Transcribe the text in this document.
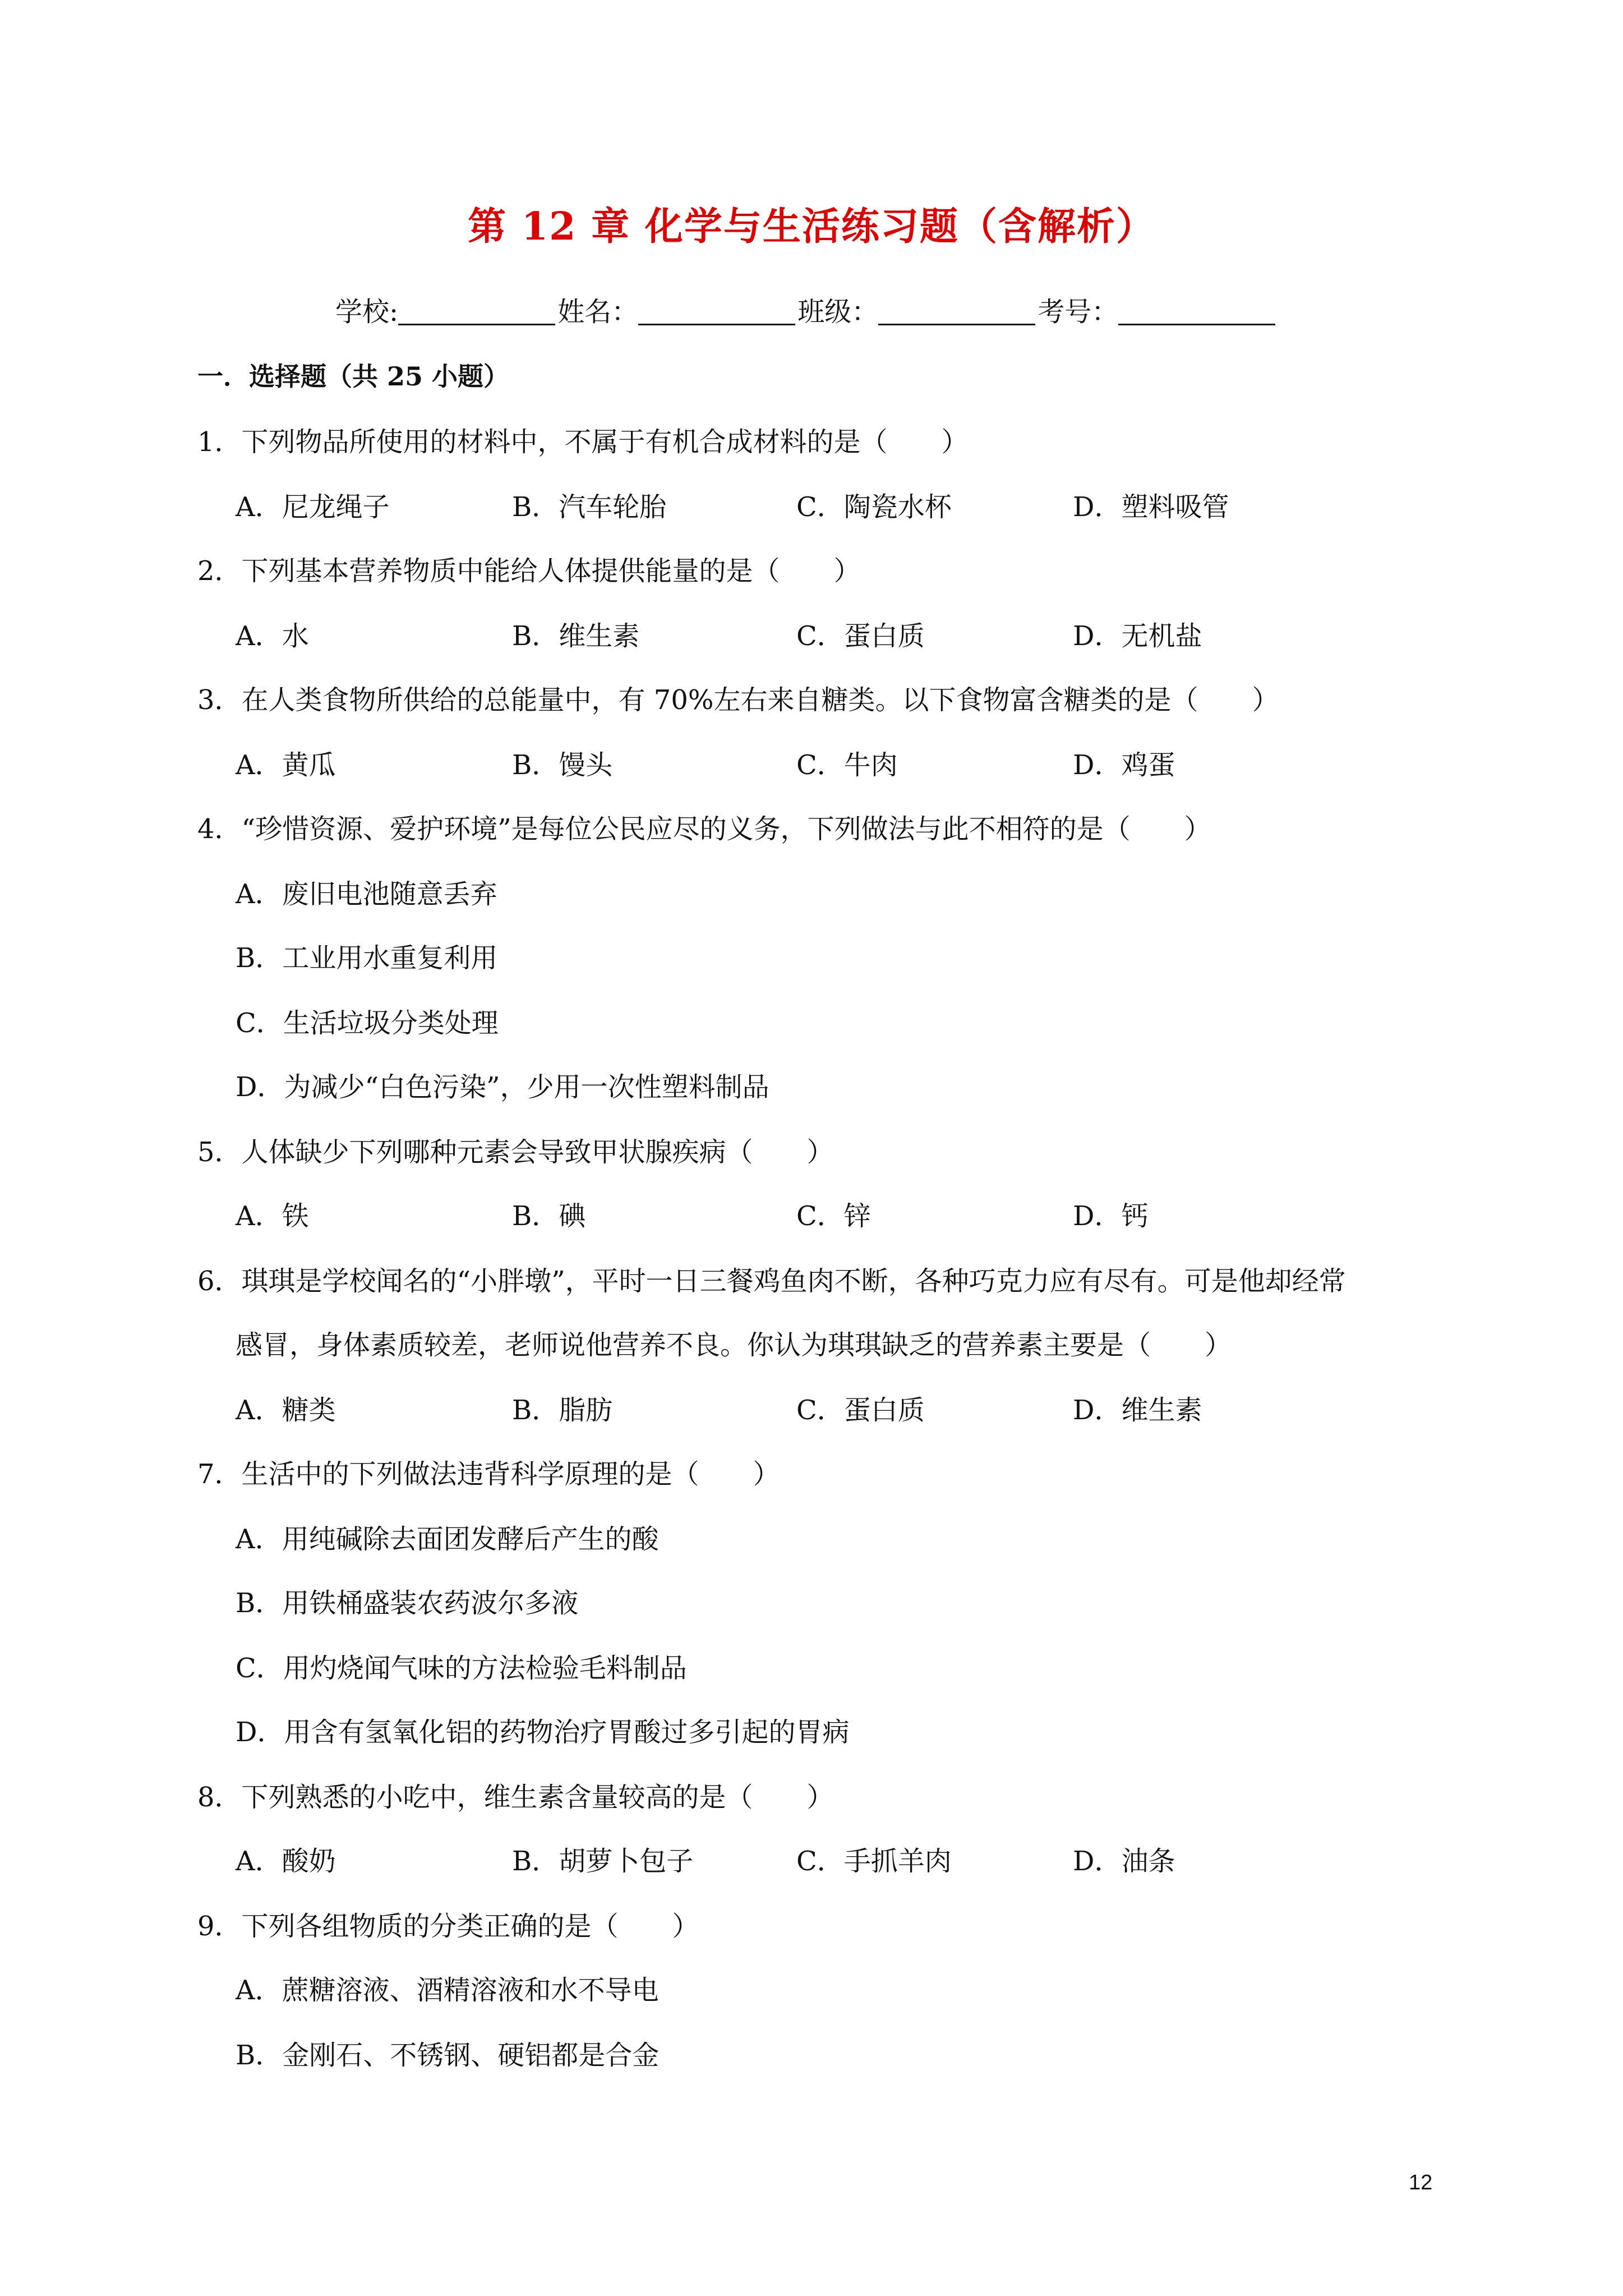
第 12 章 化学与生活练习题（含解析）
学校:	姓名：	班级：	考号：
一．选择题（共 25 小题）
1．下列物品所使用的材料中，不属于有机合成材料的是（　　）
A．尼龙绳子	B．汽车轮胎	C．陶瓷水杯	D．塑料吸管
2．下列基本营养物质中能给人体提供能量的是（　　）
A．水	B．维生素	C．蛋白质	D．无机盐
3．在人类食物所供给的总能量中，有 70%左右来自糖类。以下食物富含糖类的是（　　）
A．黄瓜	B．馒头	C．牛肉	D．鸡蛋
4．“珍惜资源、爱护环境”是每位公民应尽的义务，下列做法与此不相符的是（　　）
A．废旧电池随意丢弃
B．工业用水重复利用
C．生活垃圾分类处理
D．为减少“白色污染”，少用一次性塑料制品
5．人体缺少下列哪种元素会导致甲状腺疾病（　　）
A．铁	B．碘	C．锌	D．钙
6．琪琪是学校闻名的“小胖墩”，平时一日三餐鸡鱼肉不断，各种巧克力应有尽有。可是他却经常
感冒，身体素质较差，老师说他营养不良。你认为琪琪缺乏的营养素主要是（　　）
A．糖类	B．脂肪	C．蛋白质	D．维生素
7．生活中的下列做法违背科学原理的是（　　）
A．用纯碱除去面团发酵后产生的酸
B．用铁桶盛装农药波尔多液
C．用灼烧闻气味的方法检验毛料制品
D．用含有氢氧化铝的药物治疗胃酸过多引起的胃病
8．下列熟悉的小吃中，维生素含量较高的是（　　）
A．酸奶	B．胡萝卜包子	C．手抓羊肉	D．油条
9．下列各组物质的分类正确的是（　　）
A．蔗糖溶液、酒精溶液和水不导电
B．金刚石、不锈钢、硬铝都是合金
12
